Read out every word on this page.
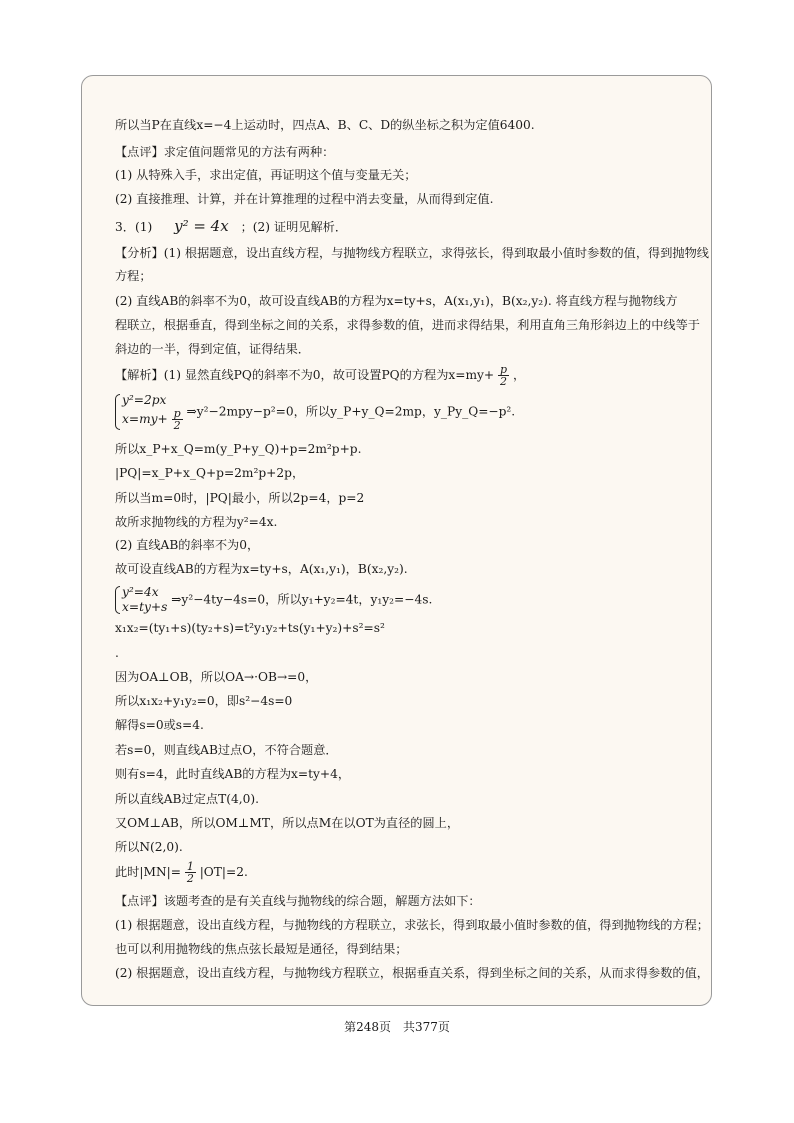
所以当P在直线x=−4上运动时，四点A、B、C、D的纵坐标之积为定值6400.
【点评】求定值问题常见的方法有两种：
(1) 从特殊入手，求出定值，再证明这个值与变量无关；
(2) 直接推理、计算，并在计算推理的过程中消去变量，从而得到定值.
3．(1) y² = 4x ；(2) 证明见解析．
【分析】(1) 根据题意，设出直线方程，与抛物线方程联立，求得弦长，得到取最小值时参数的值，得到抛物线
方程；
(2) 直线AB的斜率不为0，故可设直线AB的方程为x=ty+s，A(x₁,y₁)，B(x₂,y₂). 将直线方程与抛物线方
程联立，根据垂直，得到坐标之间的关系，求得参数的值，进而求得结果，利用直角三角形斜边上的中线等于
斜边的一半，得到定值，证得结果．
【解析】(1) 显然直线PQ的斜率不为0，故可设置PQ的方程为$x=my+ \frac{p}{2}$ ，
y²=2px
$x=my+ \frac{p}{2}$ ⇒y²−2mpy−p²=0，所以y_P+y_Q=2mp，y_Py_Q=−p².
所以x_P+x_Q=m(y_P+y_Q)+p=2m²p+p.
|PQ|=x_P+x_Q+p=2m²p+2p，
所以当m=0时，|PQ|最小，所以2p=4，p=2
故所求抛物线的方程为y²=4x.
(2) 直线AB的斜率不为0，
故可设直线AB的方程为x=ty+s，A(x₁,y₁)，B(x₂,y₂).
y²=4x
x=ty+s
⇒y²−4ty−4s=0，所以y₁+y₂=4t，y₁y₂=−4s.
x₁x₂=(ty₁+s)(ty₂+s)=t²y₁y₂+ts(y₁+y₂)+s²=s²
.
因为OA⊥OB，所以OA→·OB→=0，
所以x₁x₂+y₁y₂=0，即s²−4s=0
解得s=0或s=4.
若s=0，则直线AB过点O，不符合题意．
则有s=4，此时直线AB的方程为x=ty+4，
所以直线AB过定点T(4,0).
又OM⊥AB，所以OM⊥MT，所以点M在以OT为直径的圆上，
所以N(2,0).
此时$|MN|= \frac{1}{2} |OT|=2$.
【点评】该题考查的是有关直线与抛物线的综合题，解题方法如下：
(1) 根据题意，设出直线方程，与抛物线的方程联立，求弦长，得到取最小值时参数的值，得到抛物线的方程；
也可以利用抛物线的焦点弦长最短是通径，得到结果；
(2) 根据题意，设出直线方程，与抛物线方程联立，根据垂直关系，得到坐标之间的关系，从而求得参数的值，
第248页　共377页
